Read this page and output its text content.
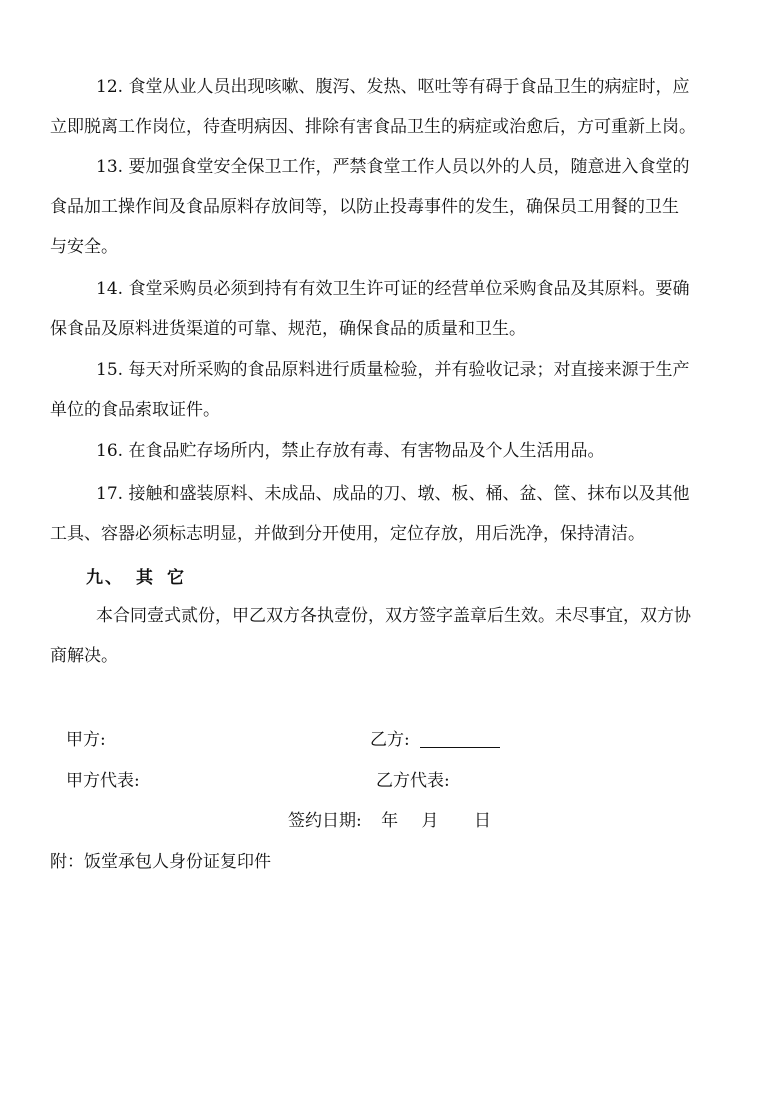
12. 食堂从业人员出现咳嗽、腹泻、发热、呕吐等有碍于食品卫生的病症时，应
立即脱离工作岗位，待查明病因、排除有害食品卫生的病症或治愈后，方可重新上岗。

13. 要加强食堂安全保卫工作，严禁食堂工作人员以外的人员，随意进入食堂的
食品加工操作间及食品原料存放间等，以防止投毒事件的发生，确保员工用餐的卫生
与安全。

14. 食堂采购员必须到持有有效卫生许可证的经营单位采购食品及其原料。要确
保食品及原料进货渠道的可靠、规范，确保食品的质量和卫生。

15. 每天对所采购的食品原料进行质量检验，并有验收记录；对直接来源于生产
单位的食品索取证件。

16. 在食品贮存场所内，禁止存放有毒、有害物品及个人生活用品。

17. 接触和盛装原料、未成品、成品的刀、墩、板、桶、盆、筐、抹布以及其他
工具、容器必须标志明显，并做到分开使用，定位存放，用后洗净，保持清洁。

九、 其 它

本合同壹式贰份，甲乙双方各执壹份，双方签字盖章后生效。未尽事宜，双方协
商解决。

甲方:	乙方:
甲方代表:	乙方代表:
签约日期: 年 月 日
附：饭堂承包人身份证复印件
